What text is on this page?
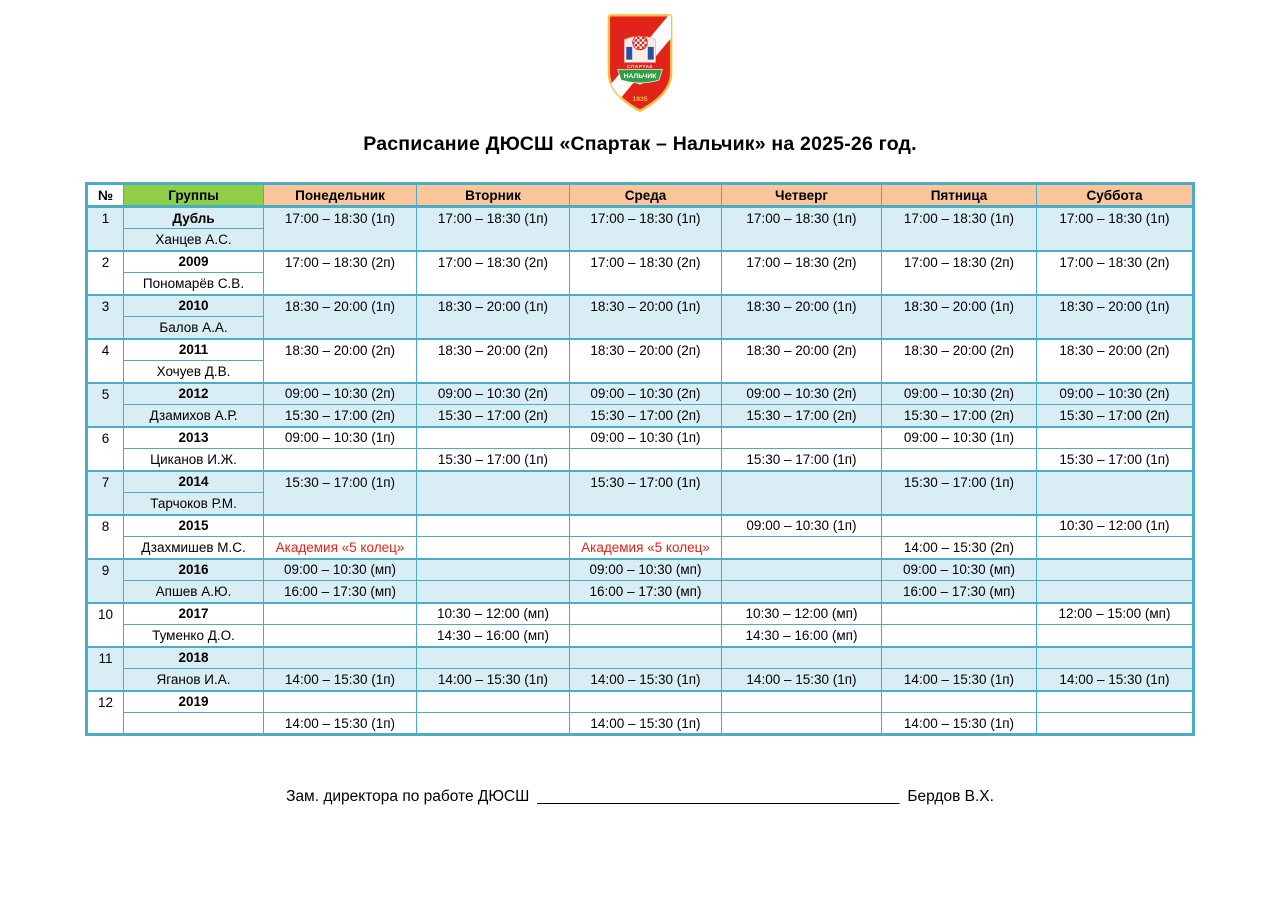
СПАРТАК
НАЛЬЧИК
1935
Расписание ДЮСШ «Спартак – Нальчик» на 2025-26 год.
№	Группы	Понедельник	Вторник	Среда	Четверг	Пятница	Суббота
1	Дубль	17:00 – 18:30 (1п)	17:00 – 18:30 (1п)	17:00 – 18:30 (1п)	17:00 – 18:30 (1п)	17:00 – 18:30 (1п)	17:00 – 18:30 (1п)
	Ханцев А.С.						
2	2009	17:00 – 18:30 (2п)	17:00 – 18:30 (2п)	17:00 – 18:30 (2п)	17:00 – 18:30 (2п)	17:00 – 18:30 (2п)	17:00 – 18:30 (2п)
	Пономарёв С.В.						
3	2010	18:30 – 20:00 (1п)	18:30 – 20:00 (1п)	18:30 – 20:00 (1п)	18:30 – 20:00 (1п)	18:30 – 20:00 (1п)	18:30 – 20:00 (1п)
	Балов А.А.						
4	2011	18:30 – 20:00 (2п)	18:30 – 20:00 (2п)	18:30 – 20:00 (2п)	18:30 – 20:00 (2п)	18:30 – 20:00 (2п)	18:30 – 20:00 (2п)
	Хочуев Д.В.						
5	2012	09:00 – 10:30 (2п)	09:00 – 10:30 (2п)	09:00 – 10:30 (2п)	09:00 – 10:30 (2п)	09:00 – 10:30 (2п)	09:00 – 10:30 (2п)
	Дзамихов А.Р.	15:30 – 17:00 (2п)	15:30 – 17:00 (2п)	15:30 – 17:00 (2п)	15:30 – 17:00 (2п)	15:30 – 17:00 (2п)	15:30 – 17:00 (2п)
6	2013	09:00 – 10:30 (1п)		09:00 – 10:30 (1п)		09:00 – 10:30 (1п)	
	Циканов И.Ж.		15:30 – 17:00 (1п)		15:30 – 17:00 (1п)		15:30 – 17:00 (1п)
7	2014	15:30 – 17:00 (1п)		15:30 – 17:00 (1п)		15:30 – 17:00 (1п)	
	Тарчоков Р.М.						
8	2015				09:00 – 10:30 (1п)		10:30 – 12:00 (1п)
	Дзахмишев М.С.	Академия «5 колец»		Академия «5 колец»		14:00 – 15:30 (2п)	
9	2016	09:00 – 10:30 (мп)		09:00 – 10:30 (мп)		09:00 – 10:30 (мп)	
	Апшев А.Ю.	16:00 – 17:30 (мп)		16:00 – 17:30 (мп)		16:00 – 17:30 (мп)	
10	2017		10:30 – 12:00 (мп)		10:30 – 12:00 (мп)		12:00 – 15:00 (мп)
	Туменко Д.О.		14:30 – 16:00 (мп)		14:30 – 16:00 (мп)		
11	2018						
	Яганов И.А.	14:00 – 15:30 (1п)	14:00 – 15:30 (1п)	14:00 – 15:30 (1п)	14:00 – 15:30 (1п)	14:00 – 15:30 (1п)	14:00 – 15:30 (1п)
12	2019						
		14:00 – 15:30 (1п)		14:00 – 15:30 (1п)		14:00 – 15:30 (1п)	
Зам. директора по работе ДЮСШ __________________________________________ Бердов В.Х.
